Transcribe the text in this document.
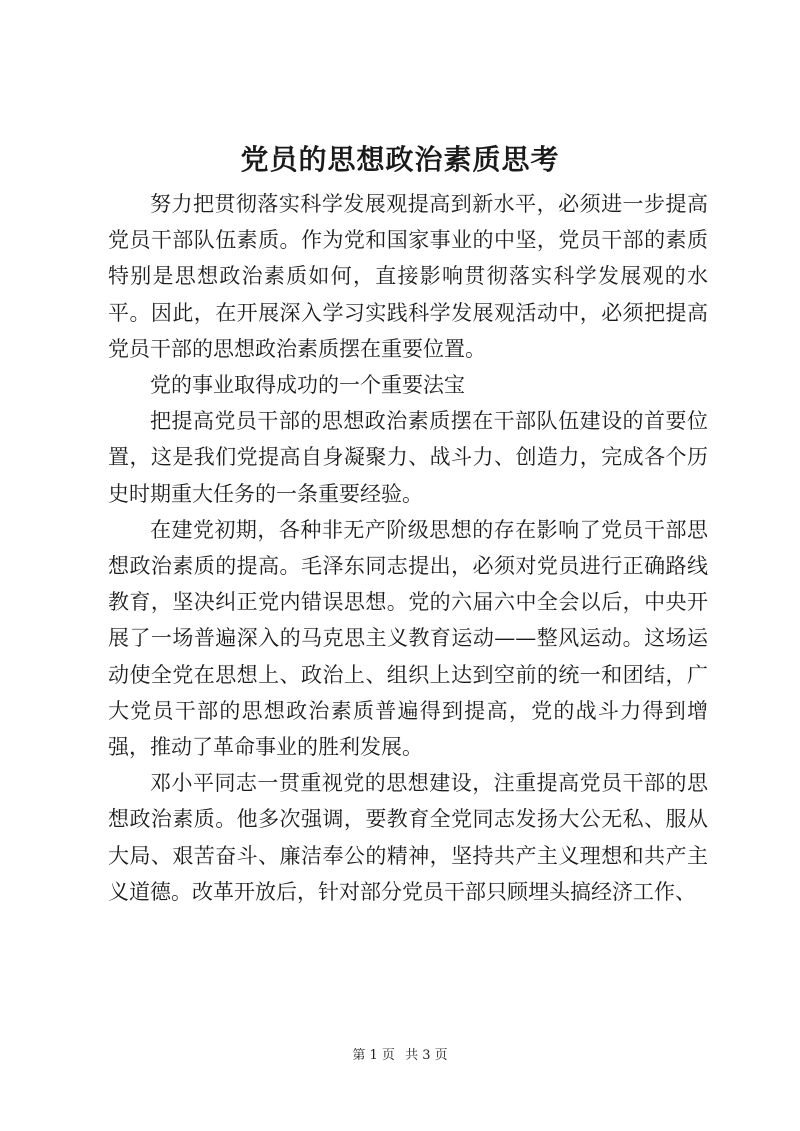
党员的思想政治素质思考

努力把贯彻落实科学发展观提高到新水平，必须进一步提高党员干部队伍素质。作为党和国家事业的中坚，党员干部的素质特别是思想政治素质如何，直接影响贯彻落实科学发展观的水平。因此，在开展深入学习实践科学发展观活动中，必须把提高党员干部的思想政治素质摆在重要位置。

党的事业取得成功的一个重要法宝

把提高党员干部的思想政治素质摆在干部队伍建设的首要位置，这是我们党提高自身凝聚力、战斗力、创造力，完成各个历史时期重大任务的一条重要经验。

在建党初期，各种非无产阶级思想的存在影响了党员干部思想政治素质的提高。毛泽东同志提出，必须对党员进行正确路线教育，坚决纠正党内错误思想。党的六届六中全会以后，中央开展了一场普遍深入的马克思主义教育运动——整风运动。这场运动使全党在思想上、政治上、组织上达到空前的统一和团结，广大党员干部的思想政治素质普遍得到提高，党的战斗力得到增强，推动了革命事业的胜利发展。

邓小平同志一贯重视党的思想建设，注重提高党员干部的思想政治素质。他多次强调，要教育全党同志发扬大公无私、服从大局、艰苦奋斗、廉洁奉公的精神，坚持共产主义理想和共产主义道德。改革开放后，针对部分党员干部只顾埋头搞经济工作、

第 1 页 共 3 页
